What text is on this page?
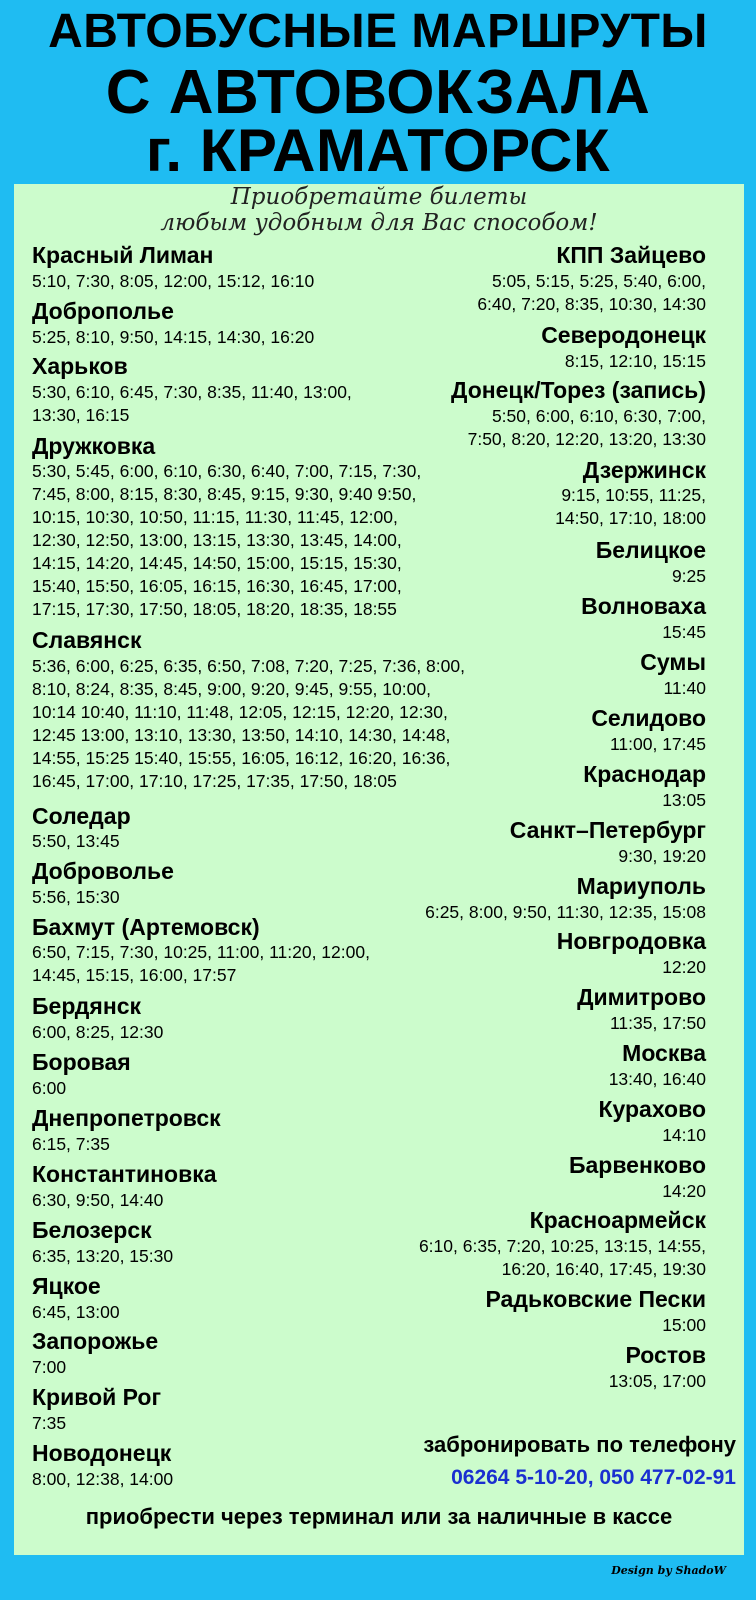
АВТОБУСНЫЕ МАРШРУТЫ
С АВТОВОКЗАЛА
г. КРАМАТОРСК
Приобретайте билеты
любым удобным для Вас способом!
Красный Лиман
5:10, 7:30, 8:05, 12:00, 15:12, 16:10
Доброполье
5:25, 8:10, 9:50, 14:15, 14:30, 16:20
Харьков
5:30, 6:10, 6:45, 7:30, 8:35, 11:40, 13:00,
13:30, 16:15
Дружковка
5:30, 5:45, 6:00, 6:10, 6:30, 6:40, 7:00, 7:15, 7:30,
7:45, 8:00, 8:15, 8:30, 8:45, 9:15, 9:30, 9:40 9:50,
10:15, 10:30, 10:50, 11:15, 11:30, 11:45, 12:00,
12:30, 12:50, 13:00, 13:15, 13:30, 13:45, 14:00,
14:15, 14:20, 14:45, 14:50, 15:00, 15:15, 15:30,
15:40, 15:50, 16:05, 16:15, 16:30, 16:45, 17:00,
17:15, 17:30, 17:50, 18:05, 18:20, 18:35, 18:55
Славянск
5:36, 6:00, 6:25, 6:35, 6:50, 7:08, 7:20, 7:25, 7:36, 8:00,
8:10, 8:24, 8:35, 8:45, 9:00, 9:20, 9:45, 9:55, 10:00,
10:14 10:40, 11:10, 11:48, 12:05, 12:15, 12:20, 12:30,
12:45 13:00, 13:10, 13:30, 13:50, 14:10, 14:30, 14:48,
14:55, 15:25 15:40, 15:55, 16:05, 16:12, 16:20, 16:36,
16:45, 17:00, 17:10, 17:25, 17:35, 17:50, 18:05
Соледар
5:50, 13:45
Доброволье
5:56, 15:30
Бахмут (Артемовск)
6:50, 7:15, 7:30, 10:25, 11:00, 11:20, 12:00,
14:45, 15:15, 16:00, 17:57
Бердянск
6:00, 8:25, 12:30
Боровая
6:00
Днепропетровск
6:15, 7:35
Константиновка
6:30, 9:50, 14:40
Белозерск
6:35, 13:20, 15:30
Яцкое
6:45, 13:00
Запорожье
7:00
Кривой Рог
7:35
Новодонецк
8:00, 12:38, 14:00
КПП Зайцево
5:05, 5:15, 5:25, 5:40, 6:00,
6:40, 7:20, 8:35, 10:30, 14:30
Северодонецк
8:15, 12:10, 15:15
Донецк/Торез (запись)
5:50, 6:00, 6:10, 6:30, 7:00,
7:50, 8:20, 12:20, 13:20, 13:30
Дзержинск
9:15, 10:55, 11:25,
14:50, 17:10, 18:00
Белицкое
9:25
Волноваха
15:45
Сумы
11:40
Селидово
11:00, 17:45
Краснодар
13:05
Санкт–Петербург
9:30, 19:20
Мариуполь
6:25, 8:00, 9:50, 11:30, 12:35, 15:08
Новгродовка
12:20
Димитрово
11:35, 17:50
Москва
13:40, 16:40
Курахово
14:10
Барвенково
14:20
Красноармейск
6:10, 6:35, 7:20, 10:25, 13:15, 14:55,
16:20, 16:40, 17:45, 19:30
Радьковские Пески
15:00
Ростов
13:05, 17:00
забронировать по телефону
06264 5-10-20, 050 477-02-91
приобрести через терминал или за наличные в кассе
Design by ShadoW
